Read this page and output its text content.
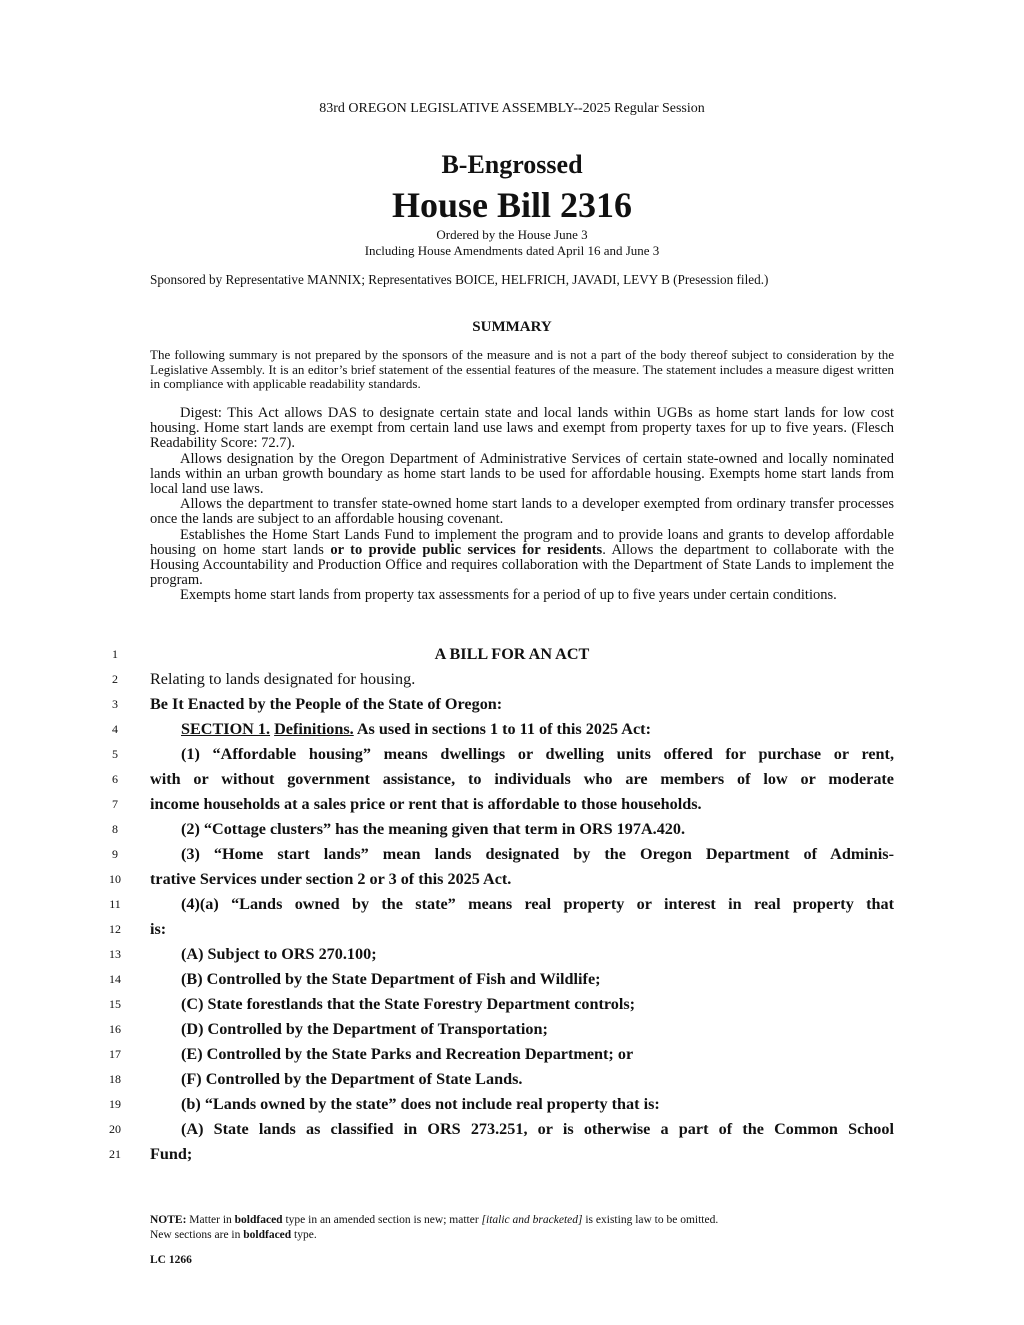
83rd OREGON LEGISLATIVE ASSEMBLY--2025 Regular Session
B-Engrossed
House Bill 2316
Ordered by the House June 3
Including House Amendments dated April 16 and June 3
Sponsored by Representative MANNIX; Representatives BOICE, HELFRICH, JAVADI, LEVY B (Presession filed.)
SUMMARY
The following summary is not prepared by the sponsors of the measure and is not a part of the body thereof subject to consideration by the Legislative Assembly. It is an editor’s brief statement of the essential features of the measure. The statement includes a measure digest written in compliance with applicable readability standards.

Digest: This Act allows DAS to designate certain state and local lands within UGBs as home start lands for low cost housing. Home start lands are exempt from certain land use laws and exempt from property taxes for up to five years. (Flesch Readability Score: 72.7).

Allows designation by the Oregon Department of Administrative Services of certain state-owned and locally nominated lands within an urban growth boundary as home start lands to be used for affordable housing. Exempts home start lands from local land use laws.

Allows the department to transfer state-owned home start lands to a developer exempted from ordinary transfer processes once the lands are subject to an affordable housing covenant.

Establishes the Home Start Lands Fund to implement the program and to provide loans and grants to develop affordable housing on home start lands or to provide public services for residents. Allows the department to collaborate with the Housing Accountability and Production Office and requires collaboration with the Department of State Lands to implement the program.

Exempts home start lands from property tax assessments for a period of up to five years under certain conditions.

1	A BILL FOR AN ACT
2	Relating to lands designated for housing.
3	Be It Enacted by the People of the State of Oregon:
4	SECTION 1. Definitions. As used in sections 1 to 11 of this 2025 Act:
5	(1) “Affordable housing” means dwellings or dwelling units offered for purchase or rent,
6	with or without government assistance, to individuals who are members of low or moderate
7	income households at a sales price or rent that is affordable to those households.
8	(2) “Cottage clusters” has the meaning given that term in ORS 197A.420.
9	(3) “Home start lands” mean lands designated by the Oregon Department of Adminis-
10	trative Services under section 2 or 3 of this 2025 Act.
11	(4)(a) “Lands owned by the state” means real property or interest in real property that
12	is:
13	(A) Subject to ORS 270.100;
14	(B) Controlled by the State Department of Fish and Wildlife;
15	(C) State forestlands that the State Forestry Department controls;
16	(D) Controlled by the Department of Transportation;
17	(E) Controlled by the State Parks and Recreation Department; or
18	(F) Controlled by the Department of State Lands.
19	(b) “Lands owned by the state” does not include real property that is:
20	(A) State lands as classified in ORS 273.251, or is otherwise a part of the Common School
21	Fund;
NOTE: Matter in boldfaced type in an amended section is new; matter [italic and bracketed] is existing law to be omitted.
New sections are in boldfaced type.
LC 1266
